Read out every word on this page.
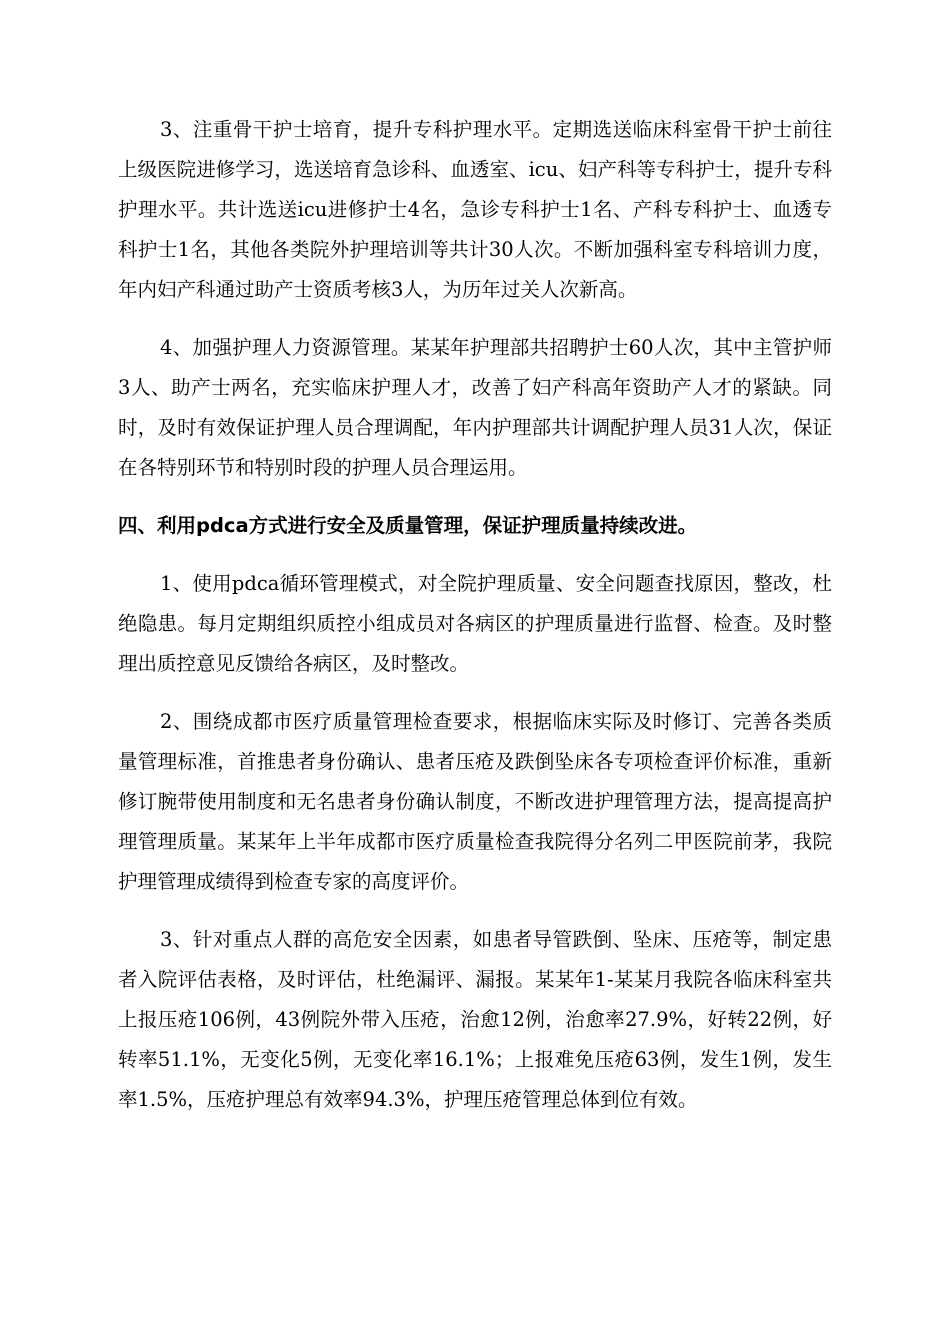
3、注重骨干护士培育，提升专科护理水平。定期选送临床科室骨干护士前往上级医院进修学习，选送培育急诊科、血透室、icu、妇产科等专科护士，提升专科护理水平。共计选送icu进修护士4名，急诊专科护士1名、产科专科护士、血透专科护士1名，其他各类院外护理培训等共计30人次。不断加强科室专科培训力度，年内妇产科通过助产士资质考核3人，为历年过关人次新高。

4、加强护理人力资源管理。某某年护理部共招聘护士60人次，其中主管护师3人、助产士两名，充实临床护理人才，改善了妇产科高年资助产人才的紧缺。同时，及时有效保证护理人员合理调配，年内护理部共计调配护理人员31人次，保证在各特别环节和特别时段的护理人员合理运用。

四、利用pdca方式进行安全及质量管理，保证护理质量持续改进。

1、使用pdca循环管理模式，对全院护理质量、安全问题查找原因，整改，杜绝隐患。每月定期组织质控小组成员对各病区的护理质量进行监督、检查。及时整理出质控意见反馈给各病区，及时整改。

2、围绕成都市医疗质量管理检查要求，根据临床实际及时修订、完善各类质量管理标准，首推患者身份确认、患者压疮及跌倒坠床各专项检查评价标准，重新修订腕带使用制度和无名患者身份确认制度，不断改进护理管理方法，提高提高护理管理质量。某某年上半年成都市医疗质量检查我院得分名列二甲医院前茅，我院护理管理成绩得到检查专家的高度评价。

3、针对重点人群的高危安全因素，如患者导管跌倒、坠床、压疮等，制定患者入院评估表格，及时评估，杜绝漏评、漏报。某某年1-某某月我院各临床科室共上报压疮106例，43例院外带入压疮，治愈12例，治愈率27.9%，好转22例，好转率51.1%，无变化5例，无变化率16.1%；上报难免压疮63例，发生1例，发生率1.5%，压疮护理总有效率94.3%，护理压疮管理总体到位有效。
